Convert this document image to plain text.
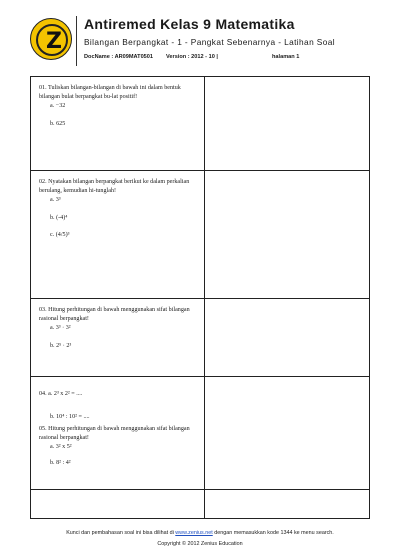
Z
Antiremed Kelas 9 Matematika
Bilangan Berpangkat - 1 - Pangkat Sebenarnya - Latihan Soal
DocName : AR09MAT0501 Version : 2012 - 10 |	halaman 1
01. Tuliskan bilangan-bilangan di bawah ini dalam bentuk bilangan bulat berpangkat bu-lat positif!
a. −32
b. 625
02. Nyatakan bilangan berpangkat berikut ke dalam perkalian berulang, kemudian hi-tunglah!
a. 3³
b. (-4)⁴
c. (4/5)³
03. Hitung perhitungan di bawah menggunakan sifat bilangan rasional berpangkat!
a. 3³ · 3²
b. 2⁵ · 2³
04. a. 2³ x 2² = ....
b. 10⁴ : 10² = ....
05. Hitung perhitungan di bawah menggunakan sifat bilangan rasional berpangkat!
a. 3² x 5²
b. 8² : 4²
Kunci dan pembahasan soal ini bisa dilihat di www.zenius.net dengan memasukkan kode 1344 ke menu search.
Copyright © 2012 Zenius Education
